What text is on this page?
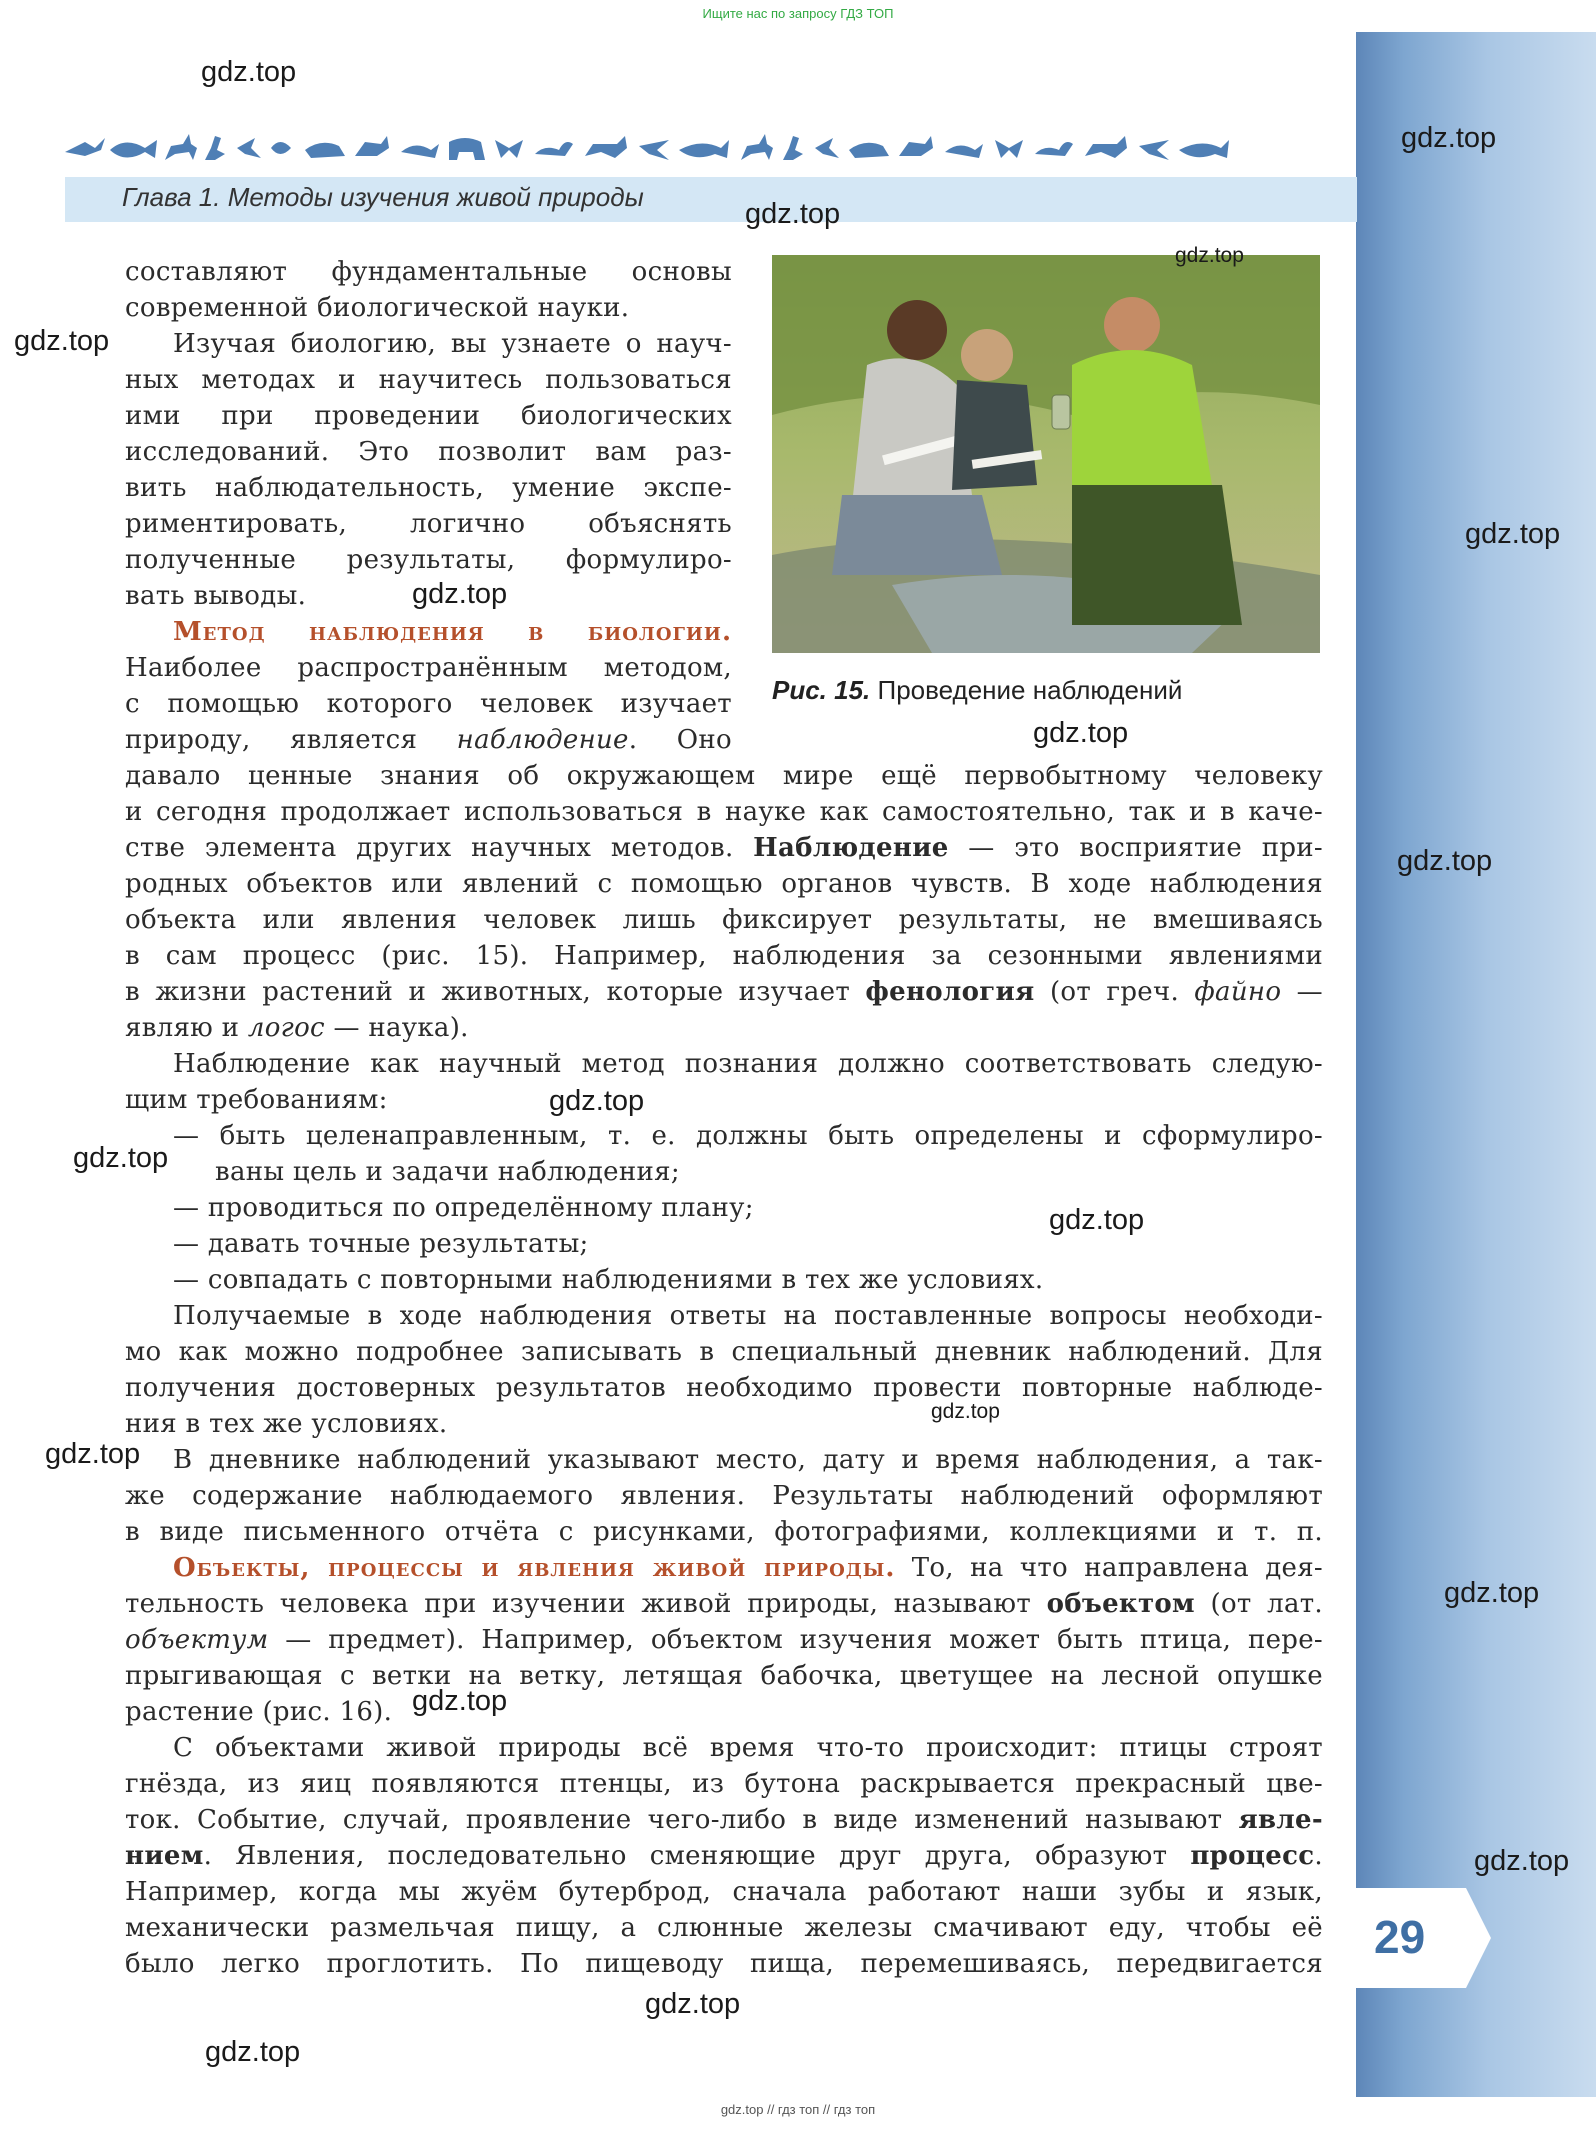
Ищите нас по запросу ГДЗ ТОП
Глава 1. Методы изучения живой природы
Рис. 15. Проведение наблюдений
составляют фундаментальные основы
современной биологической науки.
Изучая биологию, вы узнаете о науч-
ных методах и научитесь пользоваться
ими при проведении биологических
исследований. Это позволит вам раз-
вить наблюдательность, умение экспе-
риментировать, логично объяснять
полученные результаты, формулиро-
вать выводы.
Метод наблюдения в биологии.
Наиболее распространённым методом,
с помощью которого человек изучает
природу, является наблюдение. Оно
давало ценные знания об окружающем мире ещё первобытному человеку
и сегодня продолжает использоваться в науке как самостоятельно, так и в каче-
стве элемента других научных методов. Наблюдение — это восприятие при-
родных объектов или явлений с помощью органов чувств. В ходе наблюдения
объекта или явления человек лишь фиксирует результаты, не вмешиваясь
в сам процесс (рис. 15). Например, наблюдения за сезонными явлениями
в жизни растений и животных, которые изучает фенология (от греч. файно —
являю и логос — наука).
Наблюдение как научный метод познания должно соответствовать следую-
щим требованиям:
— быть целенаправленным, т. е. должны быть определены и сформулиро-
ваны цель и задачи наблюдения;
— проводиться по определённому плану;
— давать точные результаты;
— совпадать с повторными наблюдениями в тех же условиях.
Получаемые в ходе наблюдения ответы на поставленные вопросы необходи-
мо как можно подробнее записывать в специальный дневник наблюдений. Для
получения достоверных результатов необходимо провести повторные наблюде-
ния в тех же условиях.
В дневнике наблюдений указывают место, дату и время наблюдения, а так-
же содержание наблюдаемого явления. Результаты наблюдений оформляют
в виде письменного отчёта с рисунками, фотографиями, коллекциями и т. п.
Объекты, процессы и явления живой природы. То, на что направлена дея-
тельность человека при изучении живой природы, называют объектом (от лат.
объектум — предмет). Например, объектом изучения может быть птица, пере-
прыгивающая с ветки на ветку, летящая бабочка, цветущее на лесной опушке
растение (рис. 16).
С объектами живой природы всё время что-то происходит: птицы строят
гнёзда, из яиц появляются птенцы, из бутона раскрывается прекрасный цве-
ток. Событие, случай, проявление чего-либо в виде изменений называют явле-
нием. Явления, последовательно сменяющие друг друга, образуют процесс.
Например, когда мы жуём бутерброд, сначала работают наши зубы и язык,
механически размельчая пищу, а слюнные железы смачивают еду, чтобы её
было легко проглотить. По пищеводу пища, перемешиваясь, передвигается
29
gdz.top
gdz.top
gdz.top
gdz.top
gdz.top
gdz.top
gdz.top
gdz.top
gdz.top
gdz.top
gdz.top
gdz.top
gdz.top
gdz.top
gdz.top
gdz.top
gdz.top
gdz.top
gdz.top
gdz.top // гдз топ // гдз топ
